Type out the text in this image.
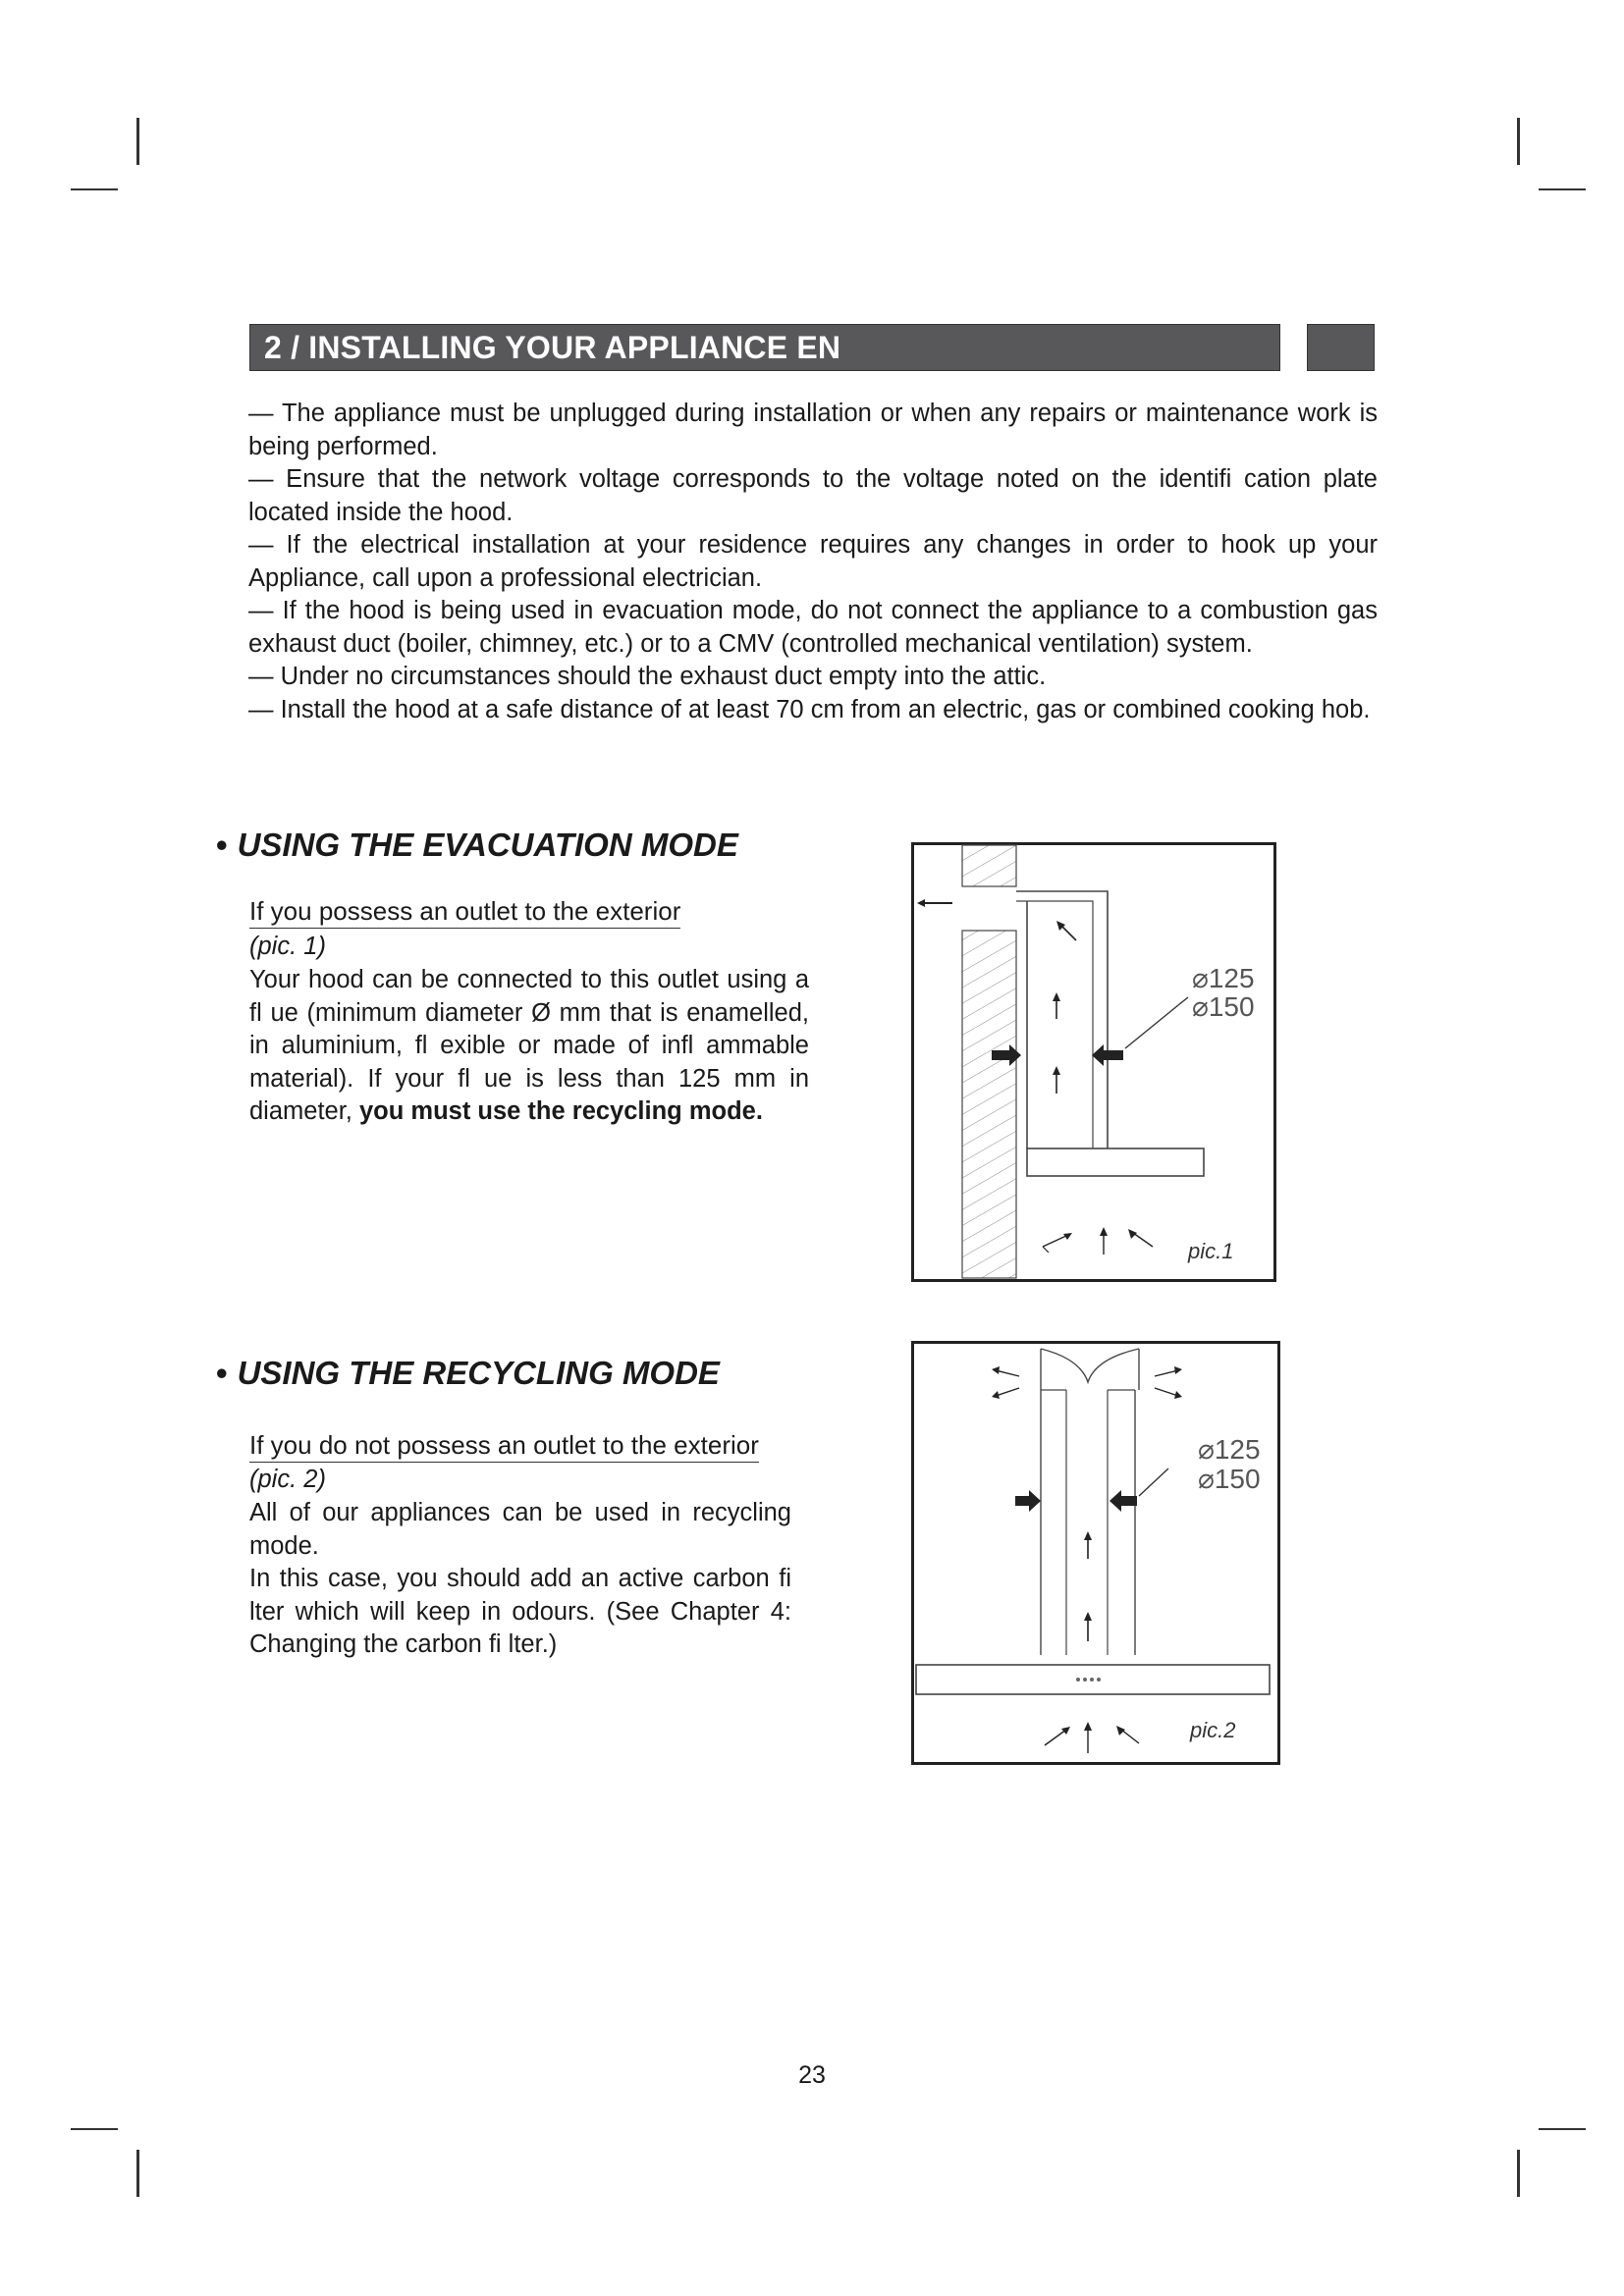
2 / INSTALLING YOUR APPLIANCE EN

— The appliance must be unplugged during installation or when any repairs or maintenance work is being performed.

— Ensure that the network voltage corresponds to the voltage noted on the identifi cation plate located inside the hood.

— If the electrical installation at your residence requires any changes in order to hook up your Appliance, call upon a professional electrician.

— If the hood is being used in evacuation mode, do not connect the appliance to a combustion gas exhaust duct (boiler, chimney, etc.) or to a CMV (controlled mechanical ventilation) system.

— Under no circumstances should the exhaust duct empty into the attic.

— Install the hood at a safe distance of at least 70 cm from an electric, gas or combined cooking hob.

• USING THE EVACUATION MODE
If you possess an outlet to the exterior
(pic. 1)
Your hood can be connected to this outlet using a fl ue (minimum diameter Ø mm that is enamelled, in aluminium, fl exible or made of infl ammable material). If your fl ue is less than 125 mm in diameter, you must use the recycling mode.
⌀125
⌀150
pic.1
• USING THE RECYCLING MODE
If you do not possess an outlet to the exterior
(pic. 2)

All of our appliances can be used in recycling mode.

In this case, you should add an active carbon fi lter which will keep in odours. (See Chapter 4: Changing the carbon fi lter.)

⌀125
⌀150
pic.2
23
